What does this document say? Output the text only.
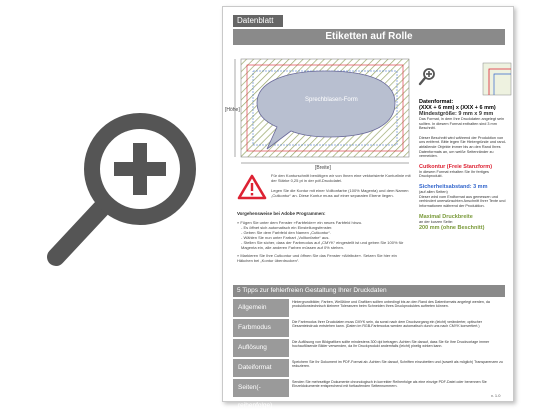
Datenblatt
Etiketten auf Rolle
Sprechblasen-Form
[Breite]
[Höhe]
Datenformat:
(XXX + 6 mm) x (XXX + 6 mm)
Mindestgröße: 9 mm x 9 mm
Das Format, in dem Ihre Druckdaten angelegt sein sollten. In diesem Format enthalten sind 3 mm Beschnitt.
Dieser Beschnitt wird während der Produktion von uns entfernt. Bitte legen Sie Hintergründe und randabfallende Objekte immer bis an den Rand Ihres Datenformats an, um weiße Seitenränder zu vermeiden.
Cutkontur (Freie Stanzform)
In diesem Format erhalten Sie Ihr fertiges Druckprodukt.
Sicherheitsabstand: 3 mm
(auf allen Seiten)
Dieser wird vom Endformat aus gemessen und verhindert unerwünschten Anschnitt Ihrer Texte und Informationen während der Produktion.
Maximal Druckbreite
an der kurzen Seite:
200 mm (ohne Beschnitt)
Für den Konturschnitt benötigen wir von Ihnen eine vektorisierte Konturlinie mit der Stärke 0,25 pt in der pdf-Druckdatei.
Legen Sie die Kontur mit einer Volltonfarbe (100% Magenta) und dem Namen „Cutkontur“ an. Diese Kontur muss auf einer separaten Ebene liegen.
Vorgehensweise bei Adobe Programmen:
» Fügen Sie unter dem Fenster »Farbfelder« ein neues Farbfeld hinzu.
- Es öffnet sich automatisch ein Einstellungsfenster.
- Geben Sie dem Farbfeld den Namen „Cutkontur“.
- Wählen Sie nun unter Farbart „Volltonfarbe“ aus.
- Stellen Sie sicher, dass der Farbmodus auf „CMYK“ eingestellt ist und geben Sie 100% für Magenta ein, alle anderen Farben müssen auf 0% stehen.
» Markieren Sie Ihre Cutkontur und öffnen Sie das Fenster »Attribute«. Setzen Sie hier ein Häkchen bei „Kontur überdrucken“.
5 Tipps zur fehlerfreien Gestaltung Ihrer Druckdaten
Allgemein
Hintergrundbilder, Farben, Weißtöne und Grafiken sollten unbedingt bis an den Rand des Datenformats angelegt werden, da produktionstechnisch kleinere Toleranzen beim Schneiden Ihres Druckproduktes auftreten können.
Farbmodus
Die Farbmodus Ihrer Druckdaten muss CMYK sein, da sonst nach dem Druckvorgang ein (leicht) veränderter, optischer Gesamteindruck entstehen kann. (Daten im RGB-Farbmodus werden automatisch durch uns nach CMYK konvertiert.)
Auflösung
Die Auflösung von Bildgrafiken sollte mindestens 300 dpi betragen. Achten Sie darauf, dass Sie für Ihre Druckvorlage immer hochauflösende Bilder verwenden, da Ihr Druckprodukt andernfalls (leicht) pixelig wirken kann.
Dateiformat
Speichern Sie Ihr Dokument im PDF-Format ab. Achten Sie darauf, Schriften einzubetten und (soweit als möglich) Transparenzen zu reduzieren.
Seiten(-reihenfolge)
Senden Sie mehrseitige Dokumente chronologisch in korrekter Reihenfolge als eine einzige PDF-Datei oder benennen Sie Einzeldokumente entsprechend mit fortlaufenden Seitennummern.
v. 1.0
